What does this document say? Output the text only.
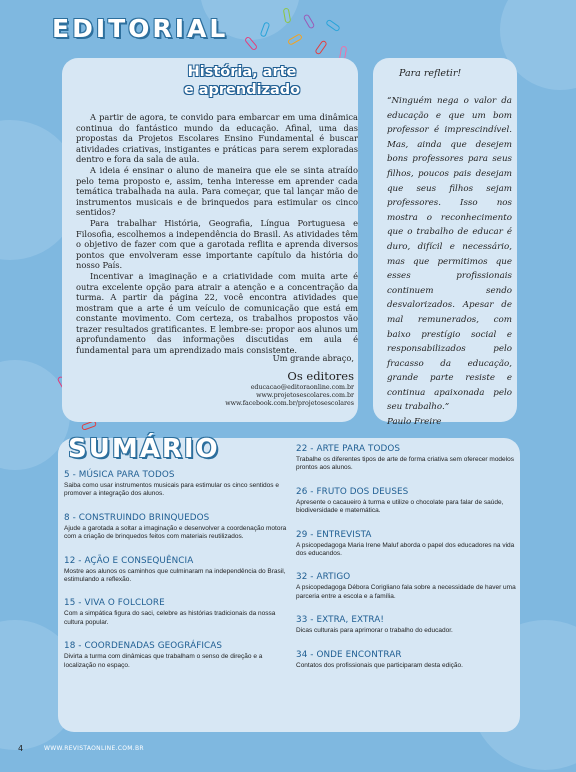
EDITORIAL
História, arte
e aprendizado

A partir de agora, te convido para embarcar em uma dinâmica continua do fantástico mundo da educação. Afinal, uma das propostas da Projetos Escolares Ensino Fundamental é buscar atividades criativas, instigantes e práticas para serem exploradas dentro e fora da sala de aula.

A ideia é ensinar o aluno de maneira que ele se sinta atraído pelo tema proposto e, assim, tenha interesse em aprender cada temática trabalhada na aula. Para começar, que tal lançar mão de instrumentos musicais e de brinquedos para estimular os cinco sentidos?

Para trabalhar História, Geografia, Língua Portuguesa e Filosofia, escolhemos a independência do Brasil. As atividades têm o objetivo de fazer com que a garotada reflita e aprenda diversos pontos que envolveram esse importante capítulo da história do nosso País.

Incentivar a imaginação e a criatividade com muita arte é outra excelente opção para atrair a atenção e a concentração da turma. A partir da página 22, você encontra atividades que mostram que a arte é um veículo de comunicação que está em constante movimento. Com certeza, os trabalhos propostos vão trazer resultados gratificantes. E lembre-se: propor aos alunos um aprofundamento das informações discutidas em aula é fundamental para um aprendizado mais consistente.

Um grande abraço,
Os editores
educacao@editoraonline.com.br
www.projetosescolares.com.br
www.facebook.com.br/projetosescolares
Para refletir!
“Ninguém nega o valor da educação e que um bom professor é imprescindível. Mas, ainda que desejem bons professores para seus filhos, poucos pais desejam que seus filhos sejam professores. Isso nos mostra o reconhecimento que o trabalho de educar é duro, difícil e necessário, mas que permitimos que esses profissionais continuem sendo desvalorizados. Apesar de mal remunerados, com baixo prestígio social e responsabilizados pelo fracasso da educação, grande parte resiste e continua apaixonada pelo seu trabalho.”
Paulo Freire
SUMÁRIO
5 - MÚSICA PARA TODOS
Saiba como usar instrumentos musicais para estimular os cinco sentidos e promover a integração dos alunos.
8 - CONSTRUINDO BRINQUEDOS
Ajude a garotada a soltar a imaginação e desenvolver a coordenação motora com a criação de brinquedos feitos com materiais reutilizados.
12 - AÇÃO E CONSEQUÊNCIA
Mostre aos alunos os caminhos que culminaram na independência do Brasil, estimulando a reflexão.
15 - VIVA O FOLCLORE
Com a simpática figura do saci, celebre as histórias tradicionais da nossa cultura popular.
18 - COORDENADAS GEOGRÁFICAS
Divirta a turma com dinâmicas que trabalham o senso de direção e a localização no espaço.
22 - ARTE PARA TODOS
Trabalhe os diferentes tipos de arte de forma criativa sem oferecer modelos prontos aos alunos.
26 - FRUTO DOS DEUSES
Apresente o cacaueiro à turma e utilize o chocolate para falar de saúde, biodiversidade e matemática.
29 - ENTREVISTA
A psicopedagoga Maria Irene Maluf aborda o papel dos educadores na vida dos educandos.
32 - ARTIGO
A psicopedagoga Débora Corigliano fala sobre a necessidade de haver uma parceria entre a escola e a família.
33 - EXTRA, EXTRA!
Dicas culturais para aprimorar o trabalho do educador.
34 - ONDE ENCONTRAR
Contatos dos profissionais que participaram desta edição.
4	WWW.REVISTAONLINE.COM.BR
